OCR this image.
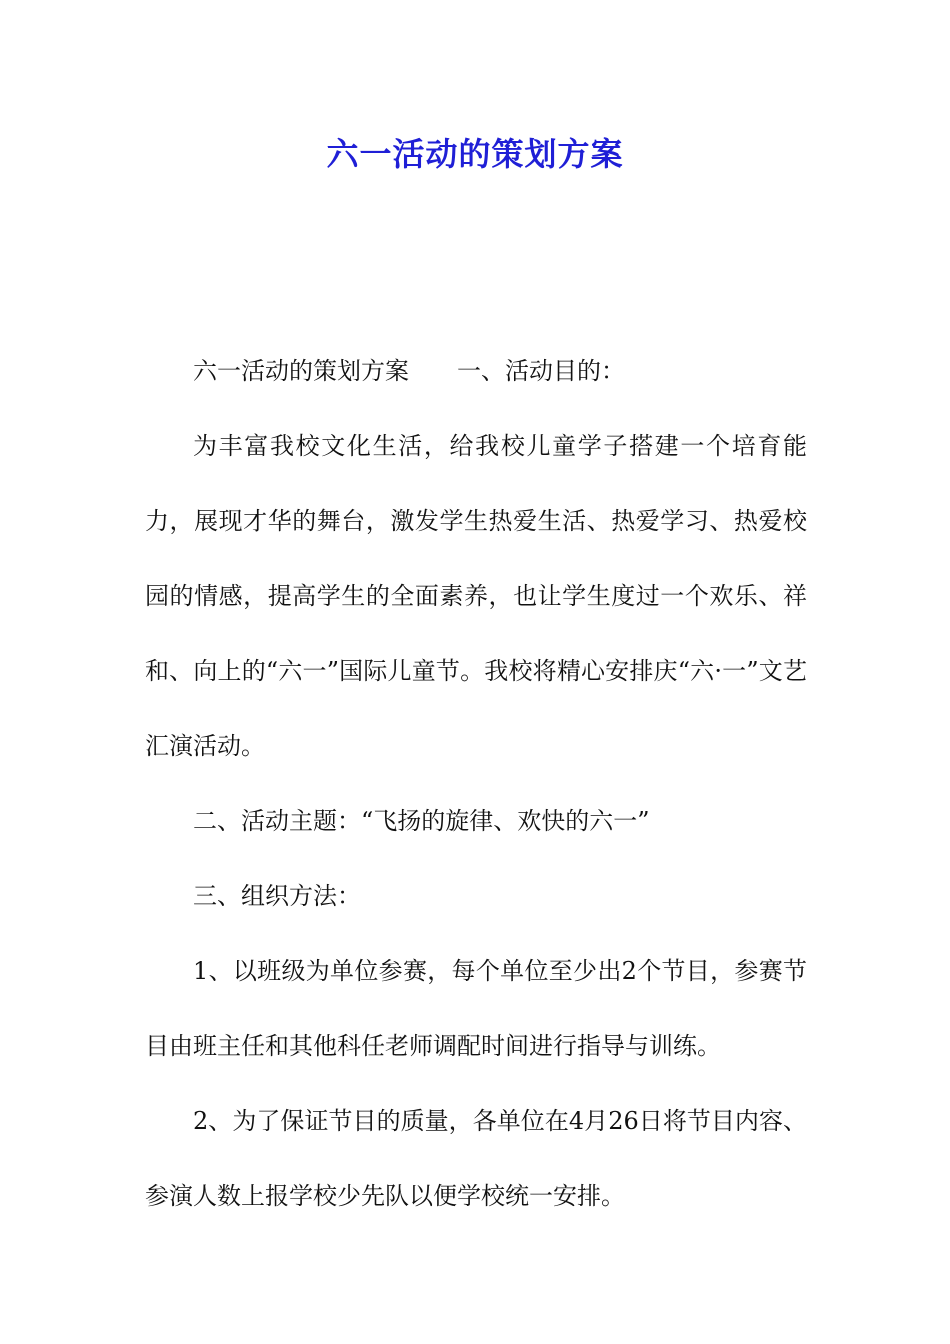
六一活动的策划方案

六一活动的策划方案 一、活动目的：

为丰富我校文化生活，给我校儿童学子搭建一个培育能力，展现才华的舞台，激发学生热爱生活、热爱学习、热爱校园的情感，提高学生的全面素养，也让学生度过一个欢乐、祥和、向上的“六一”国际儿童节。我校将精心安排庆“六·一”文艺汇演活动。

二、活动主题：“飞扬的旋律、欢快的六一”

三、组织方法：

1、以班级为单位参赛，每个单位至少出2个节目，参赛节目由班主任和其他科任老师调配时间进行指导与训练。

2、为了保证节目的质量，各单位在4月26日将节目内容、参演人数上报学校少先队以便学校统一安排。
